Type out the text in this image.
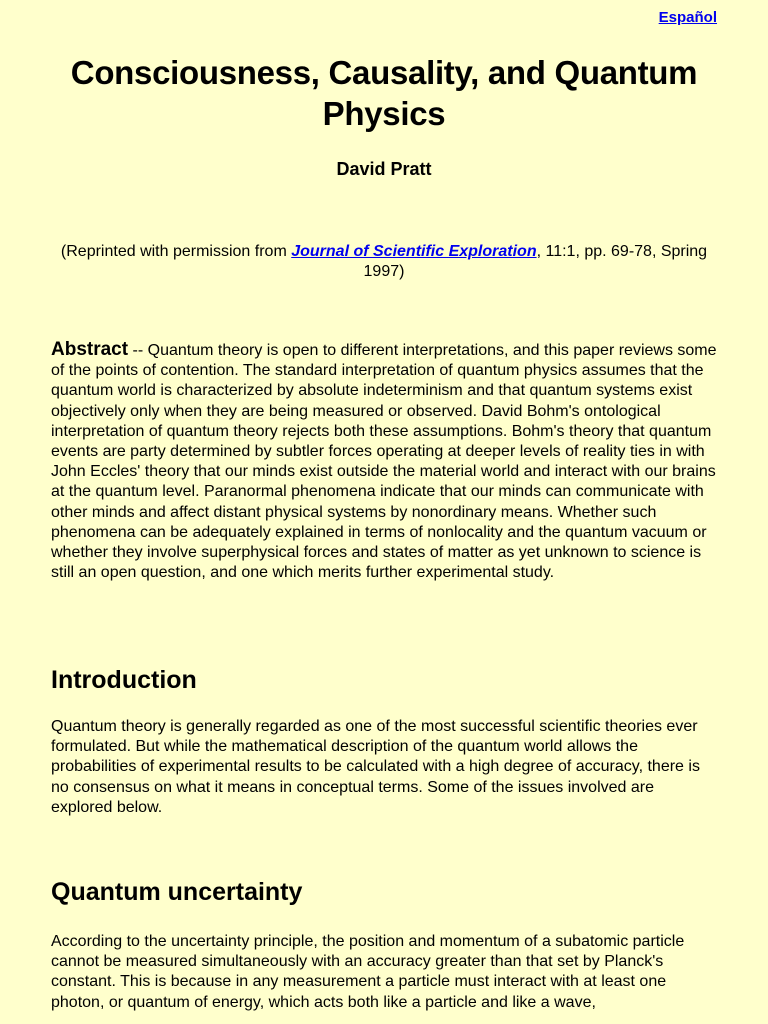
Español
Consciousness, Causality, and Quantum Physics
David Pratt
(Reprinted with permission from Journal of Scientific Exploration, 11:1, pp. 69-78, Spring 1997)

Abstract -- Quantum theory is open to different interpretations, and this paper reviews some of the points of contention. The standard interpretation of quantum physics assumes that the quantum world is characterized by absolute indeterminism and that quantum systems exist objectively only when they are being measured or observed. David Bohm's ontological interpretation of quantum theory rejects both these assumptions. Bohm's theory that quantum events are party determined by subtler forces operating at deeper levels of reality ties in with John Eccles' theory that our minds exist outside the material world and interact with our brains at the quantum level. Paranormal phenomena indicate that our minds can communicate with other minds and affect distant physical systems by nonordinary means. Whether such phenomena can be adequately explained in terms of nonlocality and the quantum vacuum or whether they involve superphysical forces and states of matter as yet unknown to science is still an open question, and one which merits further experimental study.

Introduction

Quantum theory is generally regarded as one of the most successful scientific theories ever formulated. But while the mathematical description of the quantum world allows the probabilities of experimental results to be calculated with a high degree of accuracy, there is no consensus on what it means in conceptual terms. Some of the issues involved are explored below.

Quantum uncertainty

According to the uncertainty principle, the position and momentum of a subatomic particle cannot be measured simultaneously with an accuracy greater than that set by Planck's constant. This is because in any measurement a particle must interact with at least one photon, or quantum of energy, which acts both like a particle and like a wave,
